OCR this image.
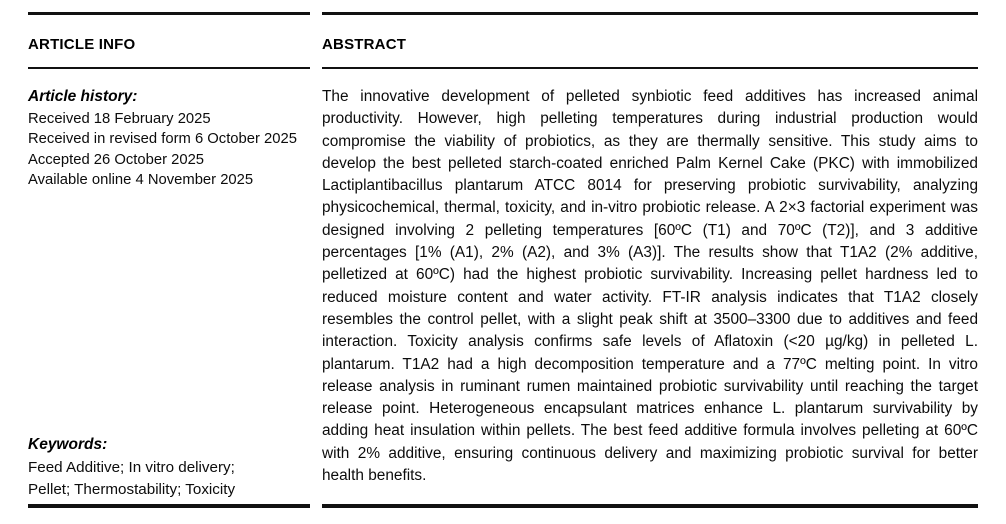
ARTICLE INFO	ABSTRACT
Article history:
Received 18 February 2025
Received in revised form 6 October 2025
Accepted 26 October 2025
Available online 4 November 2025
Keywords:
Feed Additive; In vitro delivery;
Pellet; Thermostability; Toxicity
The innovative development of pelleted synbiotic feed additives has increased animal productivity. However, high pelleting temperatures during industrial production would compromise the viability of probiotics, as they are thermally sensitive. This study aims to develop the best pelleted starch-coated enriched Palm Kernel Cake (PKC) with immobilized Lactiplantibacillus plantarum ATCC 8014 for preserving probiotic survivability, analyzing physicochemical, thermal, toxicity, and in-vitro probiotic release. A 2×3 factorial experiment was designed involving 2 pelleting temperatures [60ºC (T1) and 70ºC (T2)], and 3 additive percentages [1% (A1), 2% (A2), and 3% (A3)]. The results show that T1A2 (2% additive, pelletized at 60ºC) had the highest probiotic survivability. Increasing pellet hardness led to reduced moisture content and water activity. FT-IR analysis indicates that T1A2 closely resembles the control pellet, with a slight peak shift at 3500–3300 due to additives and feed interaction. Toxicity analysis confirms safe levels of Aflatoxin (<20 µg/kg) in pelleted L. plantarum. T1A2 had a high decomposition temperature and a 77ºC melting point. In vitro release analysis in ruminant rumen maintained probiotic survivability until reaching the target release point. Heterogeneous encapsulant matrices enhance L. plantarum survivability by adding heat insulation within pellets. The best feed additive formula involves pelleting at 60ºC with 2% additive, ensuring continuous delivery and maximizing probiotic survival for better health benefits.
